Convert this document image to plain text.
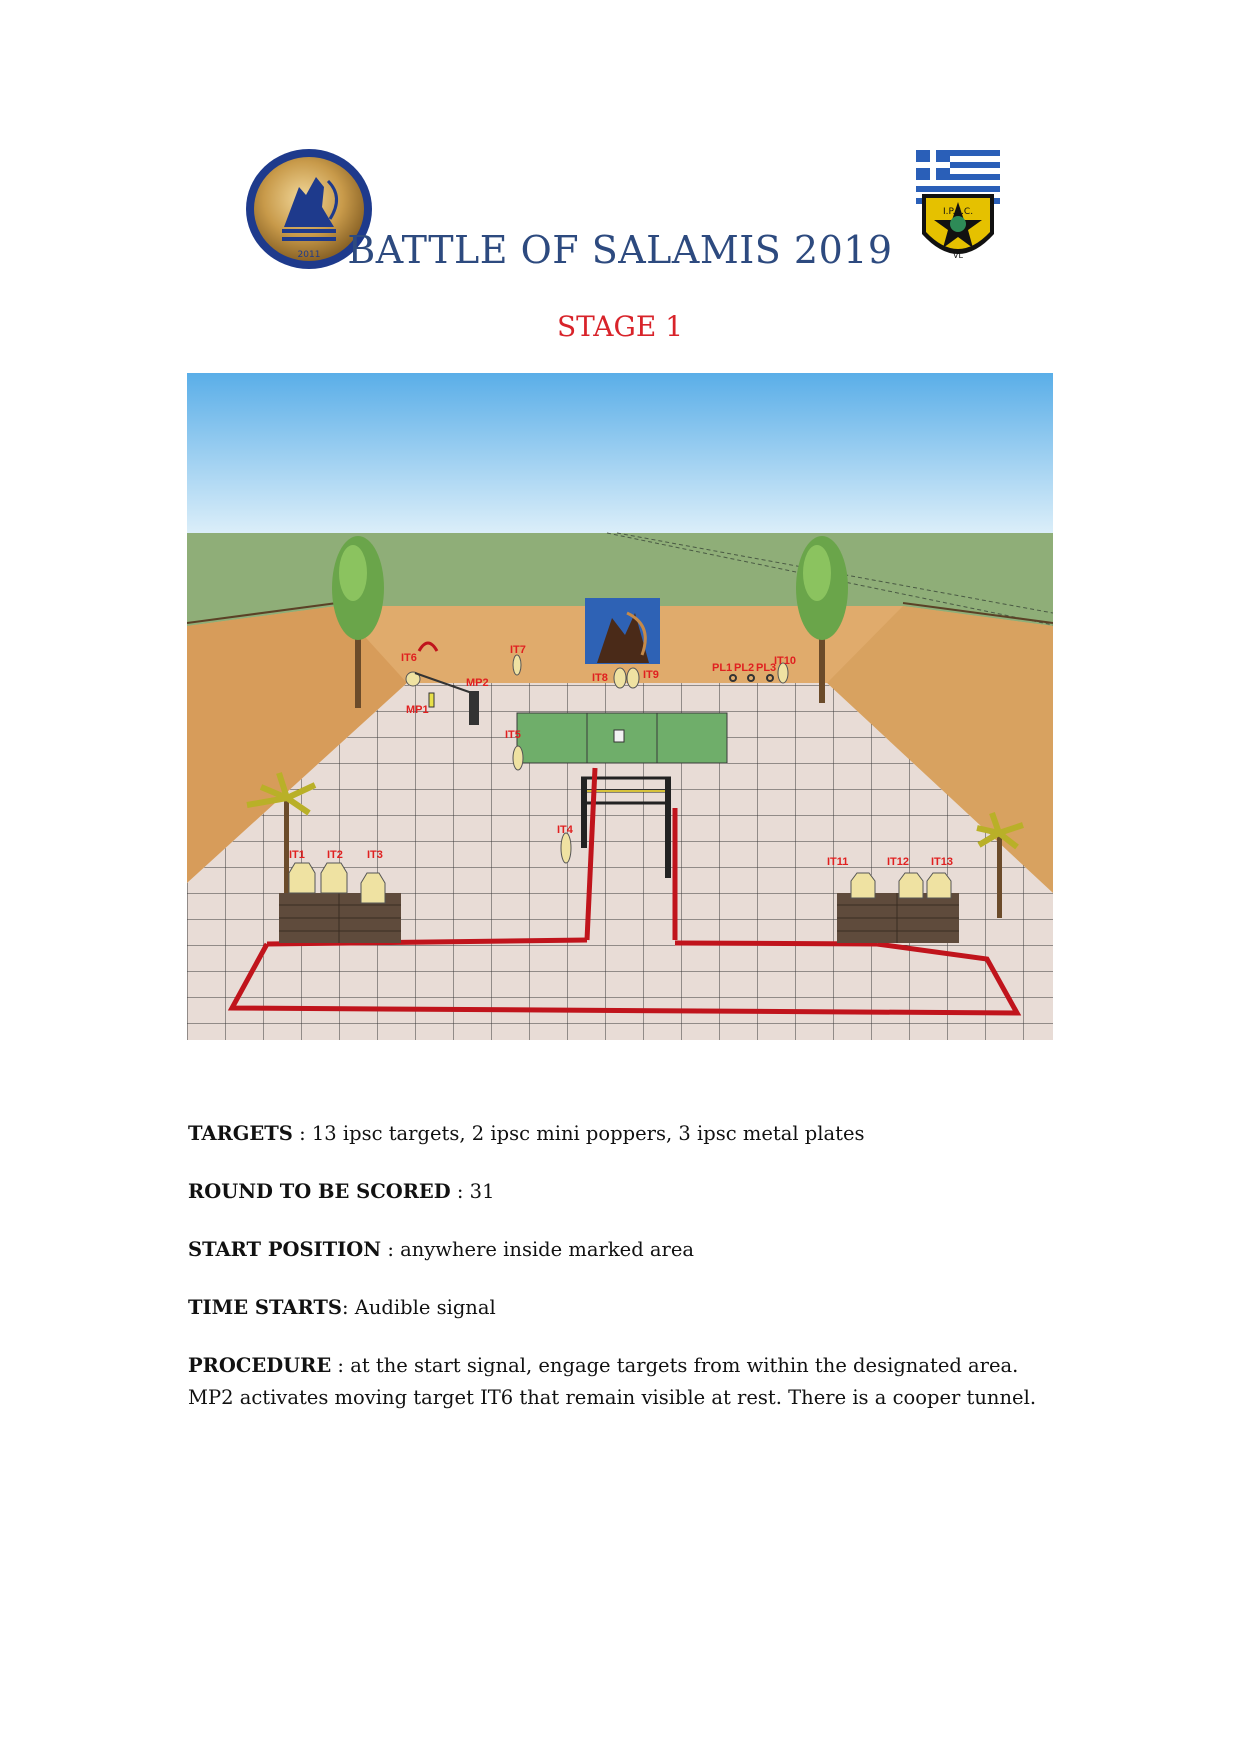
2011
I.P.S.C.
VL
BATTLE OF SALAMIS 2019
STAGE 1
IT1 IT2 IT3
IT4
IT5
IT6
IT7
IT8	IT9
IT10
IT11	IT12 IT13
MP1
MP2
PL1 PL2 PL3
TARGETS : 13 ipsc targets, 2 ipsc mini poppers, 3 ipsc metal plates
ROUND TO BE SCORED : 31
START POSITION : anywhere inside marked area
TIME STARTS: Audible signal
PROCEDURE : at the start signal, engage targets from within the designated area. MP2 activates moving target IT6 that remain visible at rest. There is a cooper tunnel.
